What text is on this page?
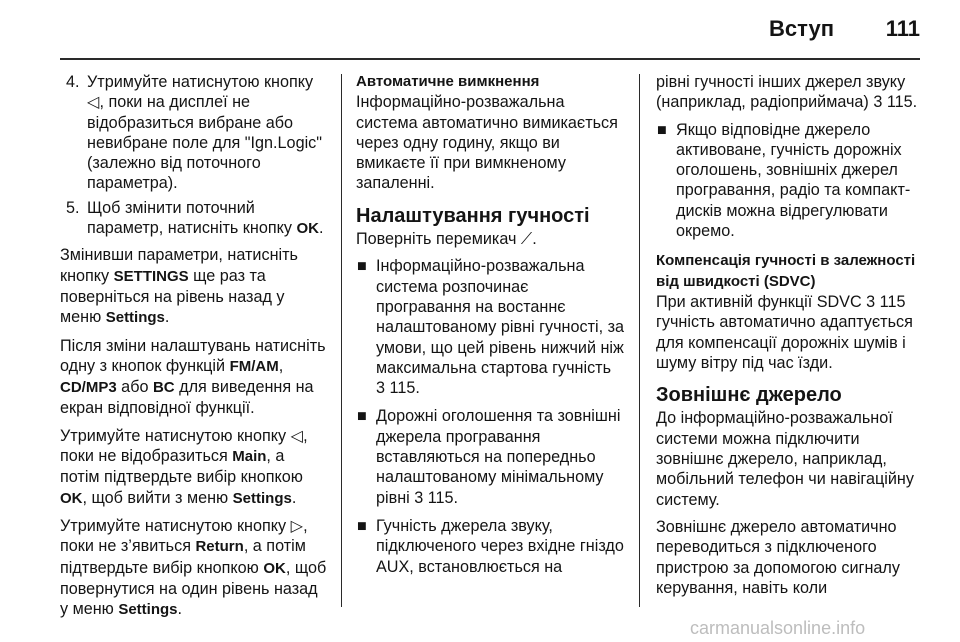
Вступ 111
4. Утримуйте натиснутою кнопку ◁, поки на дисплеї не відобразиться вибране або невибране поле для "Ign.Logic" (залежно від поточного параметра).
5. Щоб змінити поточний параметр, натисніть кнопку OK.

Змінивши параметри, натисніть кнопку SETTINGS ще раз та поверніться на рівень назад у меню Settings.

Після зміни налаштувань натисніть одну з кнопок функцій FM/AM, CD/MP3 або BC для виведення на екран відповідної функції.

Утримуйте натиснутою кнопку ◁, поки не відобразиться Main, а потім підтвердьте вибір кнопкою OK, щоб вийти з меню Settings.

Утримуйте натиснутою кнопку ▷, поки не з’явиться Return, а потім підтвердьте вибір кнопкою OK, щоб повернутися на один рівень назад у меню Settings.

Автоматичне вимкнення

Інформаційно-розважальна система автоматично вимикається через одну годину, якщо ви вмикаєте її при вимкненому запаленні.

Налаштування гучності

Поверніть перемикач ⟋.

■ Інформаційно-розважальна система розпочинає програвання на востаннє налаштованому рівні гучності, за умови, що цей рівень нижчий ніж максимальна стартова гучність 3 115.
■ Дорожні оголошення та зовнішні джерела програвання вставляються на попередньо налаштованому мінімальному рівні 3 115.
■ Гучність джерела звуку, підключеного через вхідне гніздо AUX, встановлюється на

рівні гучності інших джерел звуку (наприклад, радіоприймача) 3 115.

■ Якщо відповідне джерело активоване, гучність дорожніх оголошень, зовнішніх джерел програвання, радіо та компакт-дисків можна відрегулювати окремо.
Компенсація гучності в залежності від швидкості (SDVC)

При активній функції SDVC 3 115 гучність автоматично адаптується для компенсації дорожніх шумів і шуму вітру під час їзди.

Зовнішнє джерело

До інформаційно-розважальної системи можна підключити зовнішнє джерело, наприклад, мобільний телефон чи навігаційну систему.

Зовнішнє джерело автоматично переводиться з підключеного пристрою за допомогою сигналу керування, навіть коли

carmanualsonline.info
